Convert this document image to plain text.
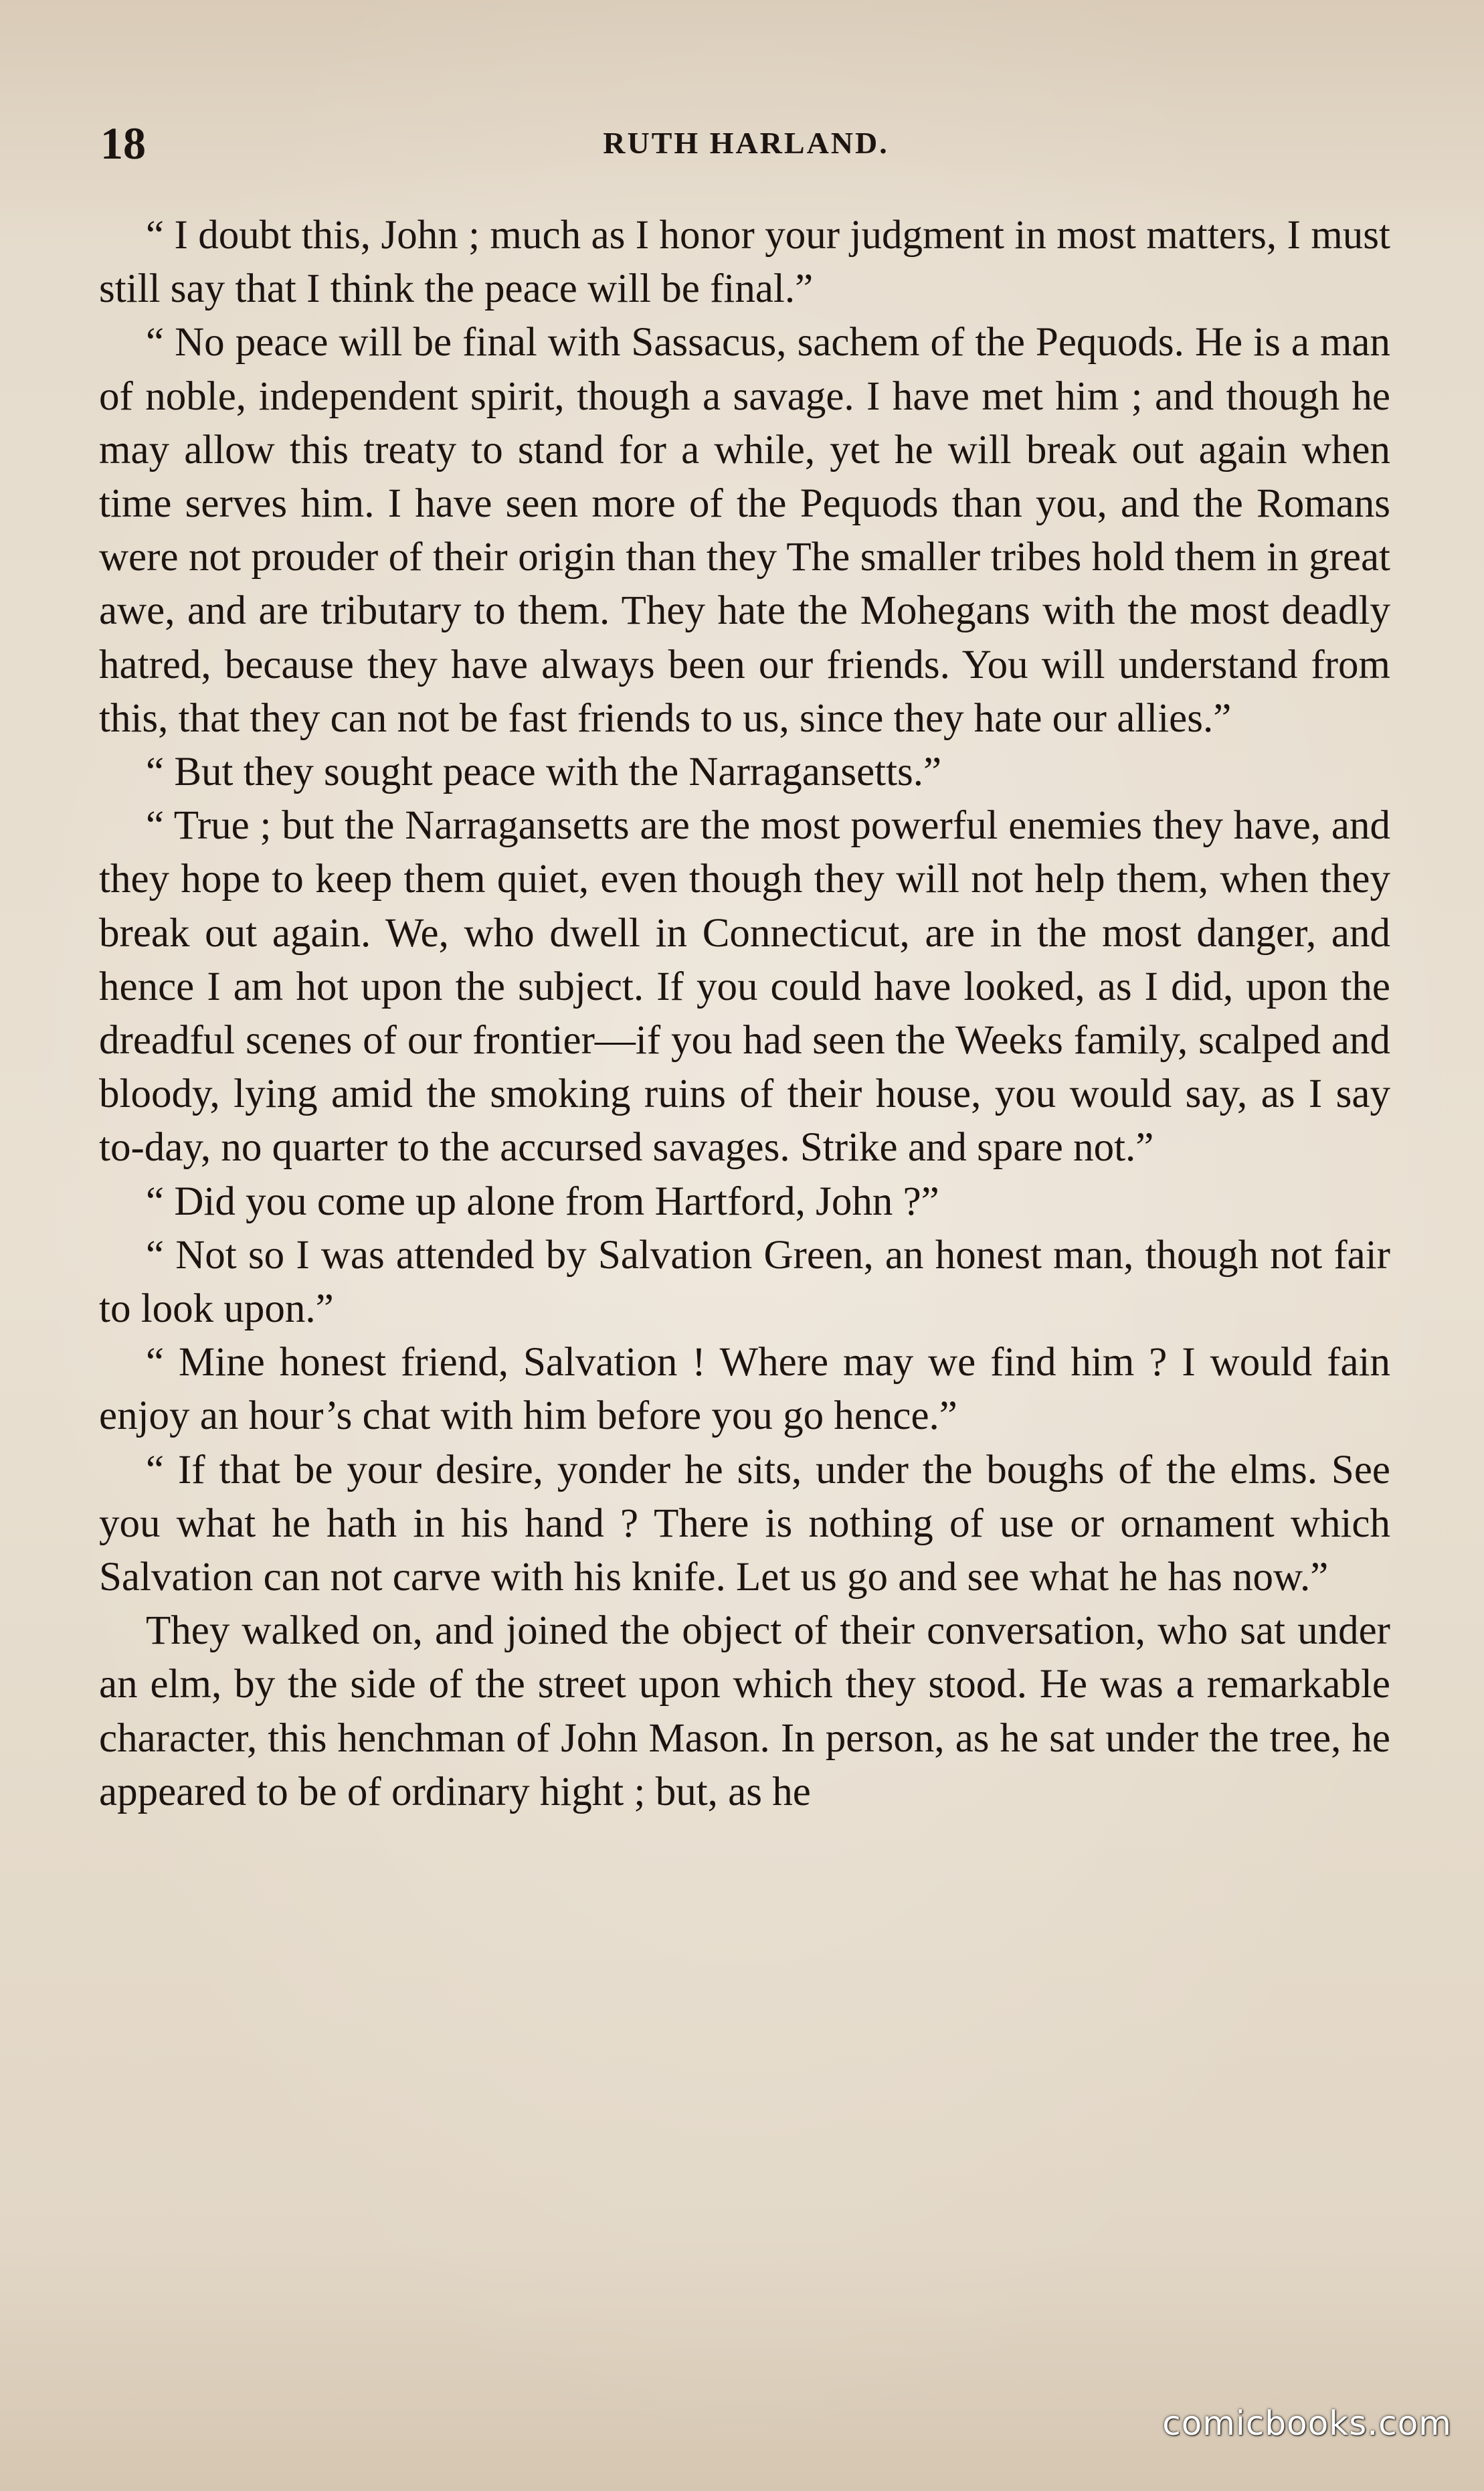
18	RUTH HARLAND.

“ I doubt this, John ; much as I honor your judgment in most matters, I must still say that I think the peace will be final.”

“ No peace will be final with Sassacus, sachem of the Pequods. He is a man of noble, independent spirit, though a savage. I have met him ; and though he may allow this treaty to stand for a while, yet he will break out again when time serves him. I have seen more of the Pequods than you, and the Romans were not prouder of their origin than they The smaller tribes hold them in great awe, and are tributary to them. They hate the Mohegans with the most deadly hatred, because they have always been our friends. You will understand from this, that they can not be fast friends to us, since they hate our allies.”

“ But they sought peace with the Narragansetts.”

“ True ; but the Narragansetts are the most powerful enemies they have, and they hope to keep them quiet, even though they will not help them, when they break out again. We, who dwell in Connecticut, are in the most danger, and hence I am hot upon the subject. If you could have looked, as I did, upon the dreadful scenes of our frontier—if you had seen the Weeks family, scalped and bloody, lying amid the smoking ruins of their house, you would say, as I say to-day, no quarter to the accursed savages. Strike and spare not.”

“ Did you come up alone from Hartford, John ?”

“ Not so I was attended by Salvation Green, an honest man, though not fair to look upon.”

“ Mine honest friend, Salvation ! Where may we find him ? I would fain enjoy an hour’s chat with him before you go hence.”

“ If that be your desire, yonder he sits, under the boughs of the elms. See you what he hath in his hand ? There is nothing of use or ornament which Salvation can not carve with his knife. Let us go and see what he has now.”

They walked on, and joined the object of their conversation, who sat under an elm, by the side of the street upon which they stood. He was a remarkable character, this henchman of John Mason. In person, as he sat under the tree, he appeared to be of ordinary hight ; but, as he

comicbooks.com
